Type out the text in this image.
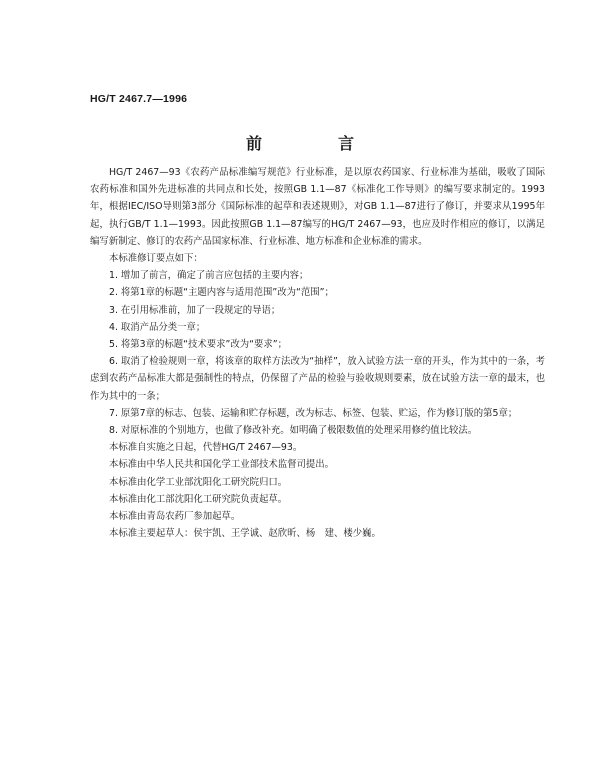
HG/T 2467.7—1996
前　言

HG/T 2467—93《农药产品标准编写规范》行业标准，是以原农药国家、行业标准为基础，吸收了国际农药标准和国外先进标准的共同点和长处，按照GB 1.1—87《标准化工作导则》的编写要求制定的。1993年，根据IEC/ISO导则第3部分《国际标准的起草和表述规则》，对GB 1.1—87进行了修订，并要求从1995年起，执行GB/T 1.1—1993。因此按照GB 1.1—87编写的HG/T 2467—93，也应及时作相应的修订，以满足编写新制定、修订的农药产品国家标准、行业标准、地方标准和企业标准的需求。

本标准修订要点如下：

1. 增加了前言，确定了前言应包括的主要内容；

2. 将第1章的标题“主题内容与适用范围”改为“范围”；

3. 在引用标准前，加了一段规定的导语；

4. 取消产品分类一章；

5. 将第3章的标题“技术要求”改为“要求”；

6. 取消了检验规则一章，将该章的取样方法改为“抽样”，放入试验方法一章的开头，作为其中的一条，考虑到农药产品标准大都是强制性的特点，仍保留了产品的检验与验收规则要素，放在试验方法一章的最末，也作为其中的一条；

7. 原第7章的标志、包装、运输和贮存标题，改为标志、标签、包装、贮运，作为修订版的第5章；

8. 对原标准的个别地方，也做了修改补充。如明确了极限数值的处理采用修约值比较法。

本标准自实施之日起，代替HG/T 2467—93。

本标准由中华人民共和国化学工业部技术监督司提出。

本标准由化学工业部沈阳化工研究院归口。

本标准由化工部沈阳化工研究院负责起草。

本标准由青岛农药厂参加起草。

本标准主要起草人：侯宇凯、王学诚、赵欣昕、杨　建、楼少巍。
